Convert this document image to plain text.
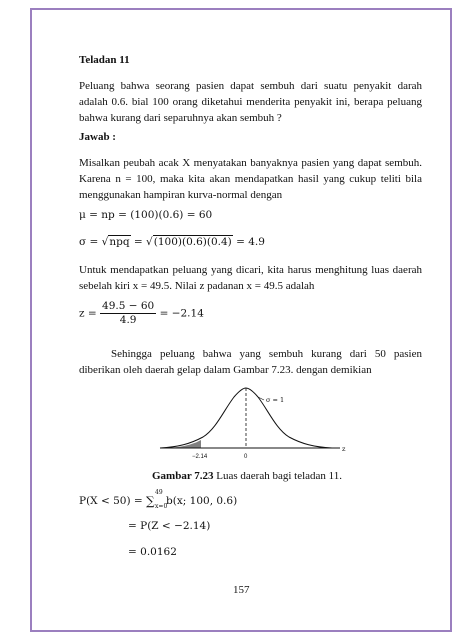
Teladan 11
Peluang bahwa seorang pasien dapat sembuh dari suatu penyakit darah adalah 0.6. bial 100 orang diketahui menderita penyakit ini, berapa peluang bahwa kurang dari separuhnya akan sembuh ?
Jawab :
Misalkan peubah acak X menyatakan banyaknya pasien yang dapat sembuh. Karena n = 100, maka kita akan mendapatkan hasil yang cukup teliti bila menggunakan hampiran kurva-normal dengan
μ = np = (100)(0.6) = 60
σ = √npq = √(100)(0.6)(0.4) = 4.9
Untuk mendapatkan peluang yang dicari, kita harus menghitung luas daerah sebelah kiri x = 49.5. Nilai z padanan x = 49.5 adalah
$z = \frac{49.5 - 60}{4.9} = -2.14$
Sehingga peluang bahwa yang sembuh kurang dari 50 pasien diberikan oleh daerah gelap dalam Gambar 7.23. dengan demikian
σ = 1
z
−2.14	0
Gambar 7.23 Luas daerah bagi teladan 11.
P(X < 50) = ∑
49
x=0
b(x; 100, 0.6)
= P(Z < −2.14)
= 0.0162
157
